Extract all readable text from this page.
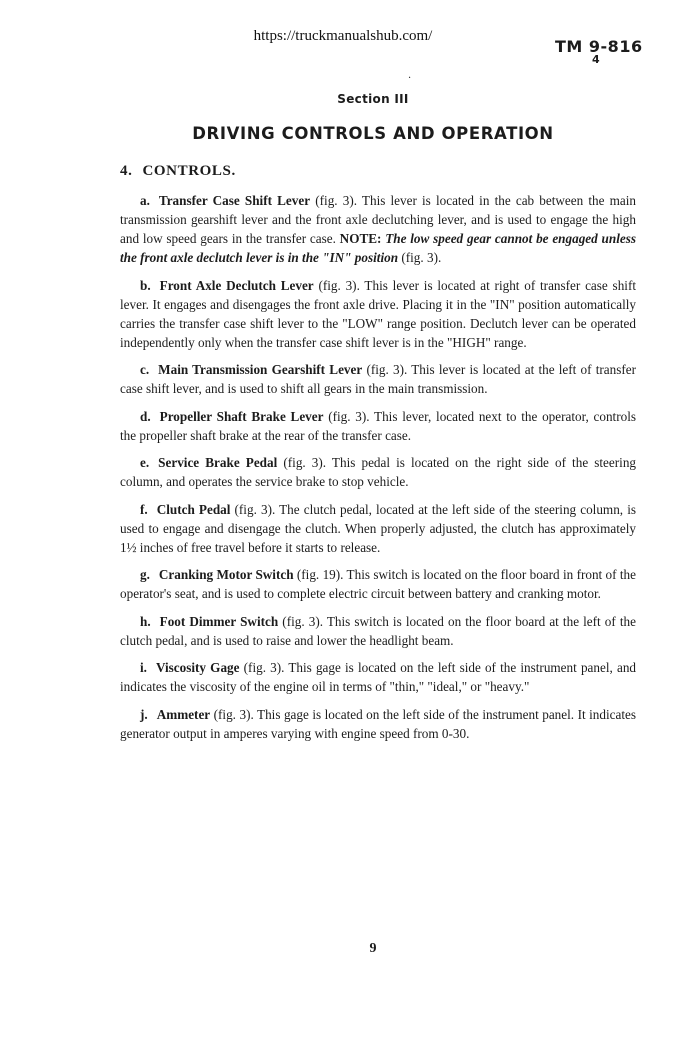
https://truckmanualshub.com/
TM 9-816
4
.
Section III
DRIVING CONTROLS AND OPERATION
4. CONTROLS.

a. Transfer Case Shift Lever (fig. 3). This lever is located in the cab between the main transmission gearshift lever and the front axle declutching lever, and is used to engage the high and low speed gears in the transfer case. NOTE: The low speed gear cannot be engaged unless the front axle declutch lever is in the "IN" position (fig. 3).

b. Front Axle Declutch Lever (fig. 3). This lever is located at right of transfer case shift lever. It engages and disengages the front axle drive. Placing it in the "IN" position automatically carries the transfer case shift lever to the "LOW" range position. Declutch lever can be operated independently only when the transfer case shift lever is in the "HIGH" range.

c. Main Transmission Gearshift Lever (fig. 3). This lever is located at the left of transfer case shift lever, and is used to shift all gears in the main transmission.

d. Propeller Shaft Brake Lever (fig. 3). This lever, located next to the operator, controls the propeller shaft brake at the rear of the transfer case.

e. Service Brake Pedal (fig. 3). This pedal is located on the right side of the steering column, and operates the service brake to stop vehicle.

f. Clutch Pedal (fig. 3). The clutch pedal, located at the left side of the steering column, is used to engage and disengage the clutch. When properly adjusted, the clutch has approximately 1½ inches of free travel before it starts to release.

g. Cranking Motor Switch (fig. 19). This switch is located on the floor board in front of the operator's seat, and is used to complete electric circuit between battery and cranking motor.

h. Foot Dimmer Switch (fig. 3). This switch is located on the floor board at the left of the clutch pedal, and is used to raise and lower the headlight beam.

i. Viscosity Gage (fig. 3). This gage is located on the left side of the instrument panel, and indicates the viscosity of the engine oil in terms of "thin," "ideal," or "heavy."

j. Ammeter (fig. 3). This gage is located on the left side of the instrument panel. It indicates generator output in amperes varying with engine speed from 0-30.

9
